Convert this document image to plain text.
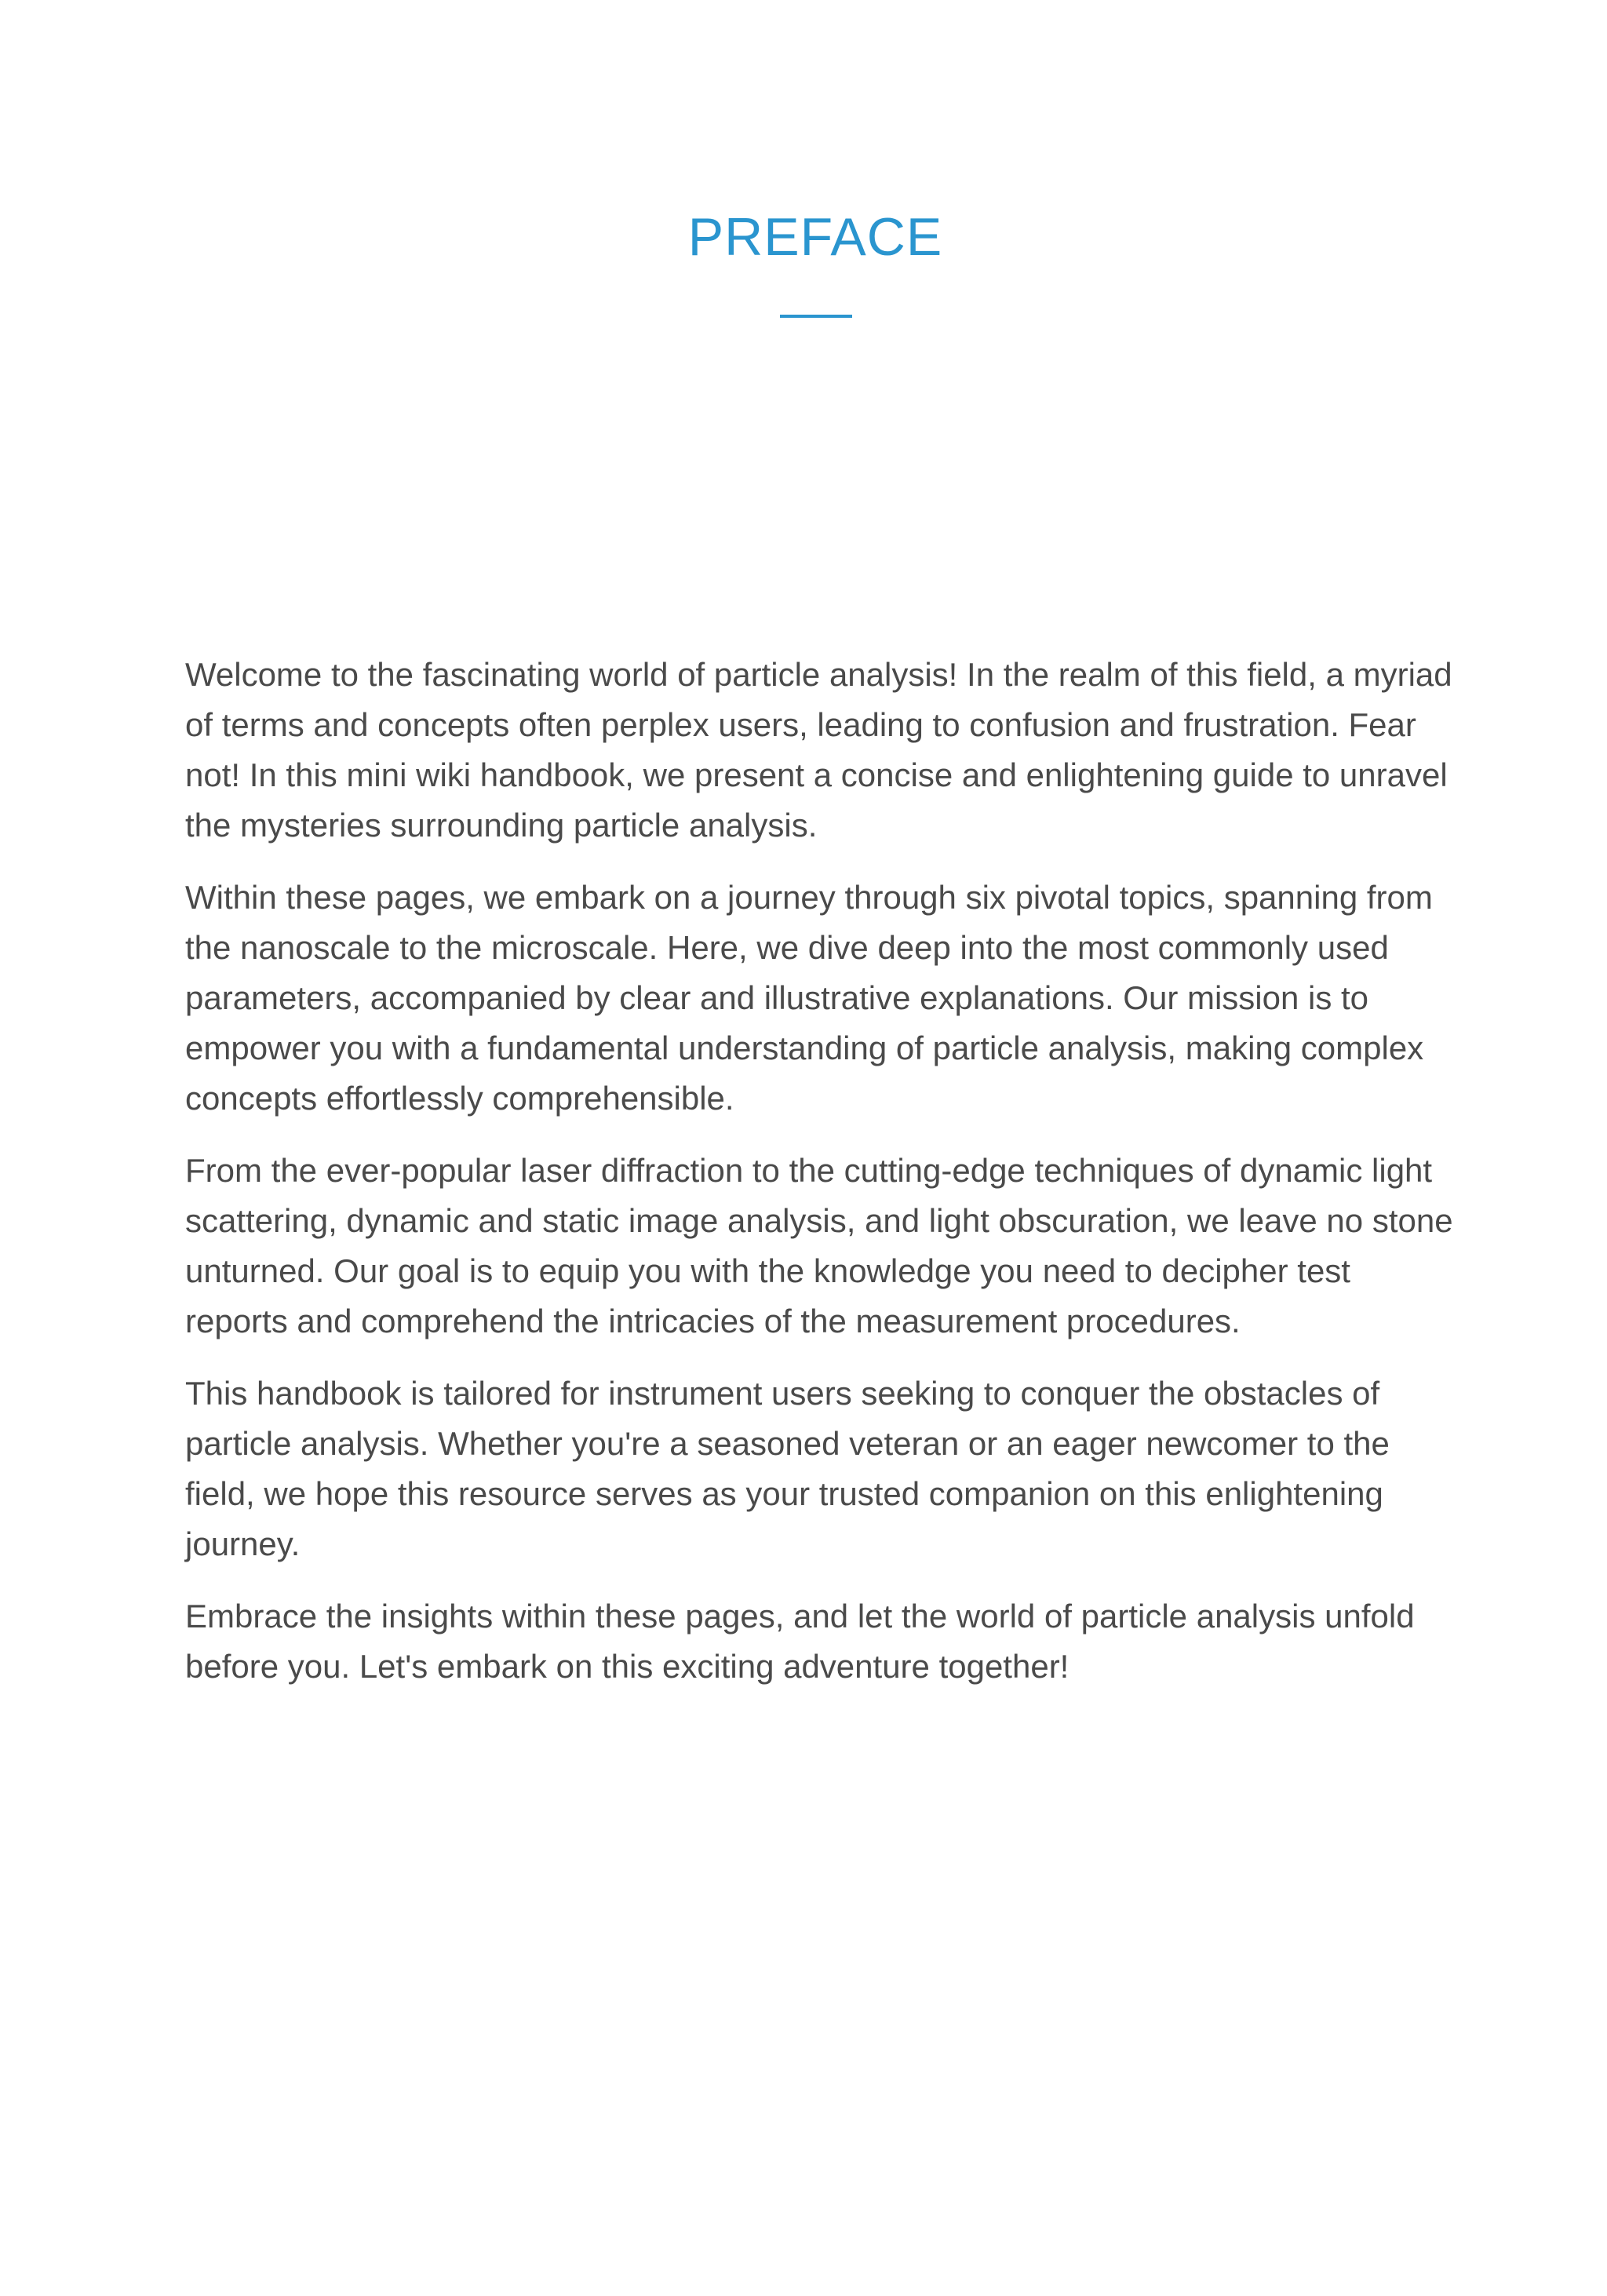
PREFACE

Welcome to the fascinating world of particle analysis! In the realm of this field, a myriad of terms and concepts often perplex users, leading to confusion and frustration. Fear not! In this mini wiki handbook, we present a concise and enlightening guide to unravel the mysteries surrounding particle analysis.

Within these pages, we embark on a journey through six pivotal topics, spanning from the nanoscale to the microscale. Here, we dive deep into the most commonly used parameters, accompanied by clear and illustrative explanations. Our mission is to empower you with a fundamental understanding of particle analysis, making complex concepts effortlessly comprehensible.

From the ever-popular laser diffraction to the cutting-edge techniques of dynamic light scattering, dynamic and static image analysis, and light obscuration, we leave no stone unturned. Our goal is to equip you with the knowledge you need to decipher test reports and comprehend the intricacies of the measurement procedures.

This handbook is tailored for instrument users seeking to conquer the obstacles of particle analysis. Whether you're a seasoned veteran or an eager newcomer to the field, we hope this resource serves as your trusted companion on this enlightening journey.

Embrace the insights within these pages, and let the world of particle analysis unfold before you. Let's embark on this exciting adventure together!
